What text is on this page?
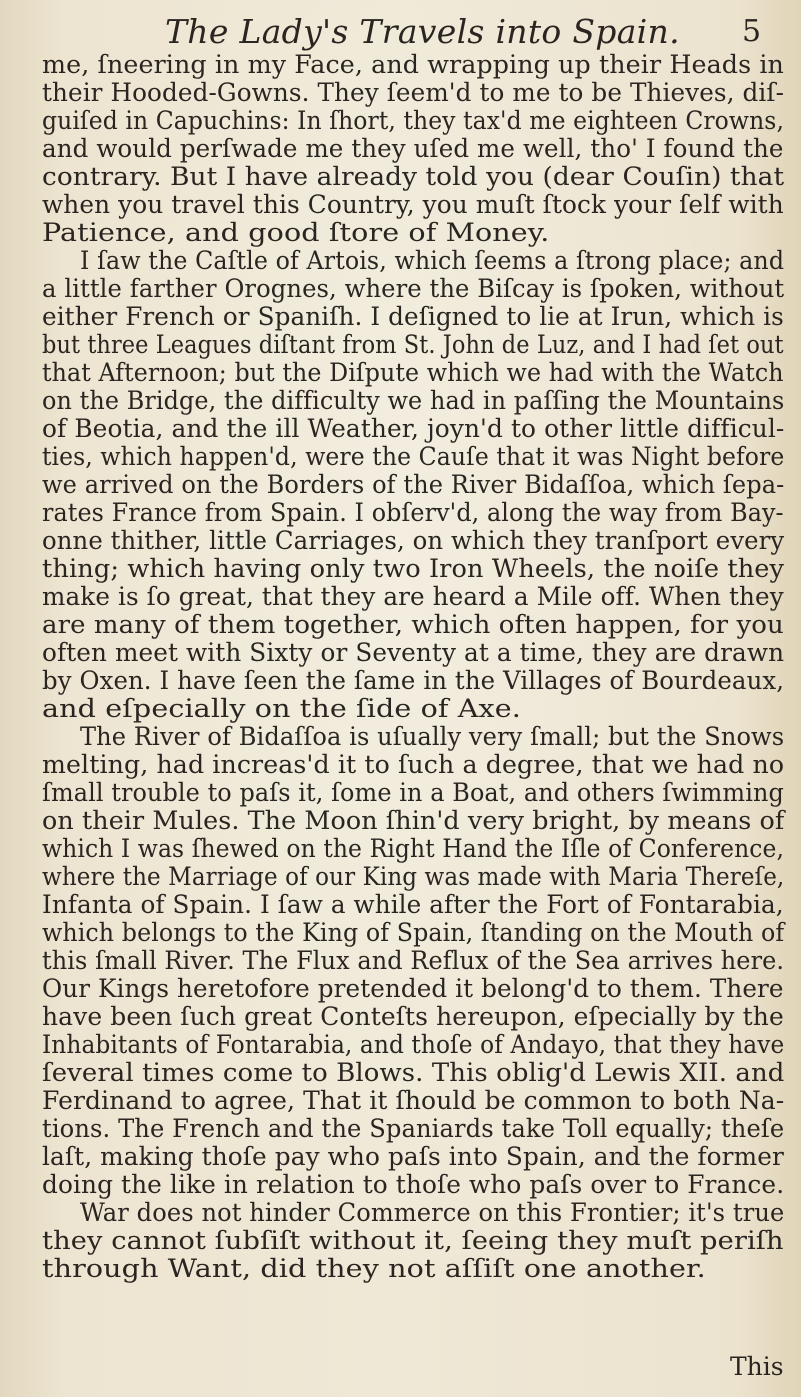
The Lady's Travels into Spain. 5
me, ſneering in my Face, and wrapping up their Heads in
their Hooded-Gowns. They ſeem'd to me to be Thieves, diſ-
guiſed in Capuchins: In ſhort, they tax'd me eighteen Crowns,
and would perſwade me they uſed me well, tho' I found the
contrary. But I have already told you (dear Couſin) that
when you travel this Country, you muſt ſtock your ſelf with
Patience, and good ſtore of Money.
I ſaw the Caſtle of Artois, which ſeems a ſtrong place; and
a little farther Orognes, where the Biſcay is ſpoken, without
either French or Spaniſh. I deſigned to lie at Irun, which is
but three Leagues diſtant from St. John de Luz, and I had ſet out
that Afternoon; but the Diſpute which we had with the Watch
on the Bridge, the difficulty we had in paſſing the Mountains
of Beotia, and the ill Weather, joyn'd to other little difficul-
ties, which happen'd, were the Cauſe that it was Night before
we arrived on the Borders of the River Bidaſſoa, which ſepa-
rates France from Spain. I obſerv'd, along the way from Bay-
onne thither, little Carriages, on which they tranſport every
thing; which having only two Iron Wheels, the noiſe they
make is ſo great, that they are heard a Mile off. When they
are many of them together, which often happen, for you
often meet with Sixty or Seventy at a time, they are drawn
by Oxen. I have ſeen the ſame in the Villages of Bourdeaux,
and eſpecially on the ſide of Axe.
The River of Bidaſſoa is uſually very ſmall; but the Snows
melting, had increas'd it to ſuch a degree, that we had no
ſmall trouble to paſs it, ſome in a Boat, and others ſwimming
on their Mules. The Moon ſhin'd very bright, by means of
which I was ſhewed on the Right Hand the Iſle of Conference,
where the Marriage of our King was made with Maria Thereſe,
Infanta of Spain. I ſaw a while after the Fort of Fontarabia,
which belongs to the King of Spain, ſtanding on the Mouth of
this ſmall River. The Flux and Reflux of the Sea arrives here.
Our Kings heretofore pretended it belong'd to them. There
have been ſuch great Conteſts hereupon, eſpecially by the
Inhabitants of Fontarabia, and thoſe of Andayo, that they have
ſeveral times come to Blows. This oblig'd Lewis XII. and
Ferdinand to agree, That it ſhould be common to both Na-
tions. The French and the Spaniards take Toll equally; theſe
laſt, making thoſe pay who paſs into Spain, and the former
doing the like in relation to thoſe who paſs over to France.
War does not hinder Commerce on this Frontier; it's true
they cannot ſubſiſt without it, ſeeing they muſt periſh
through Want, did they not aſſiſt one another.
This
